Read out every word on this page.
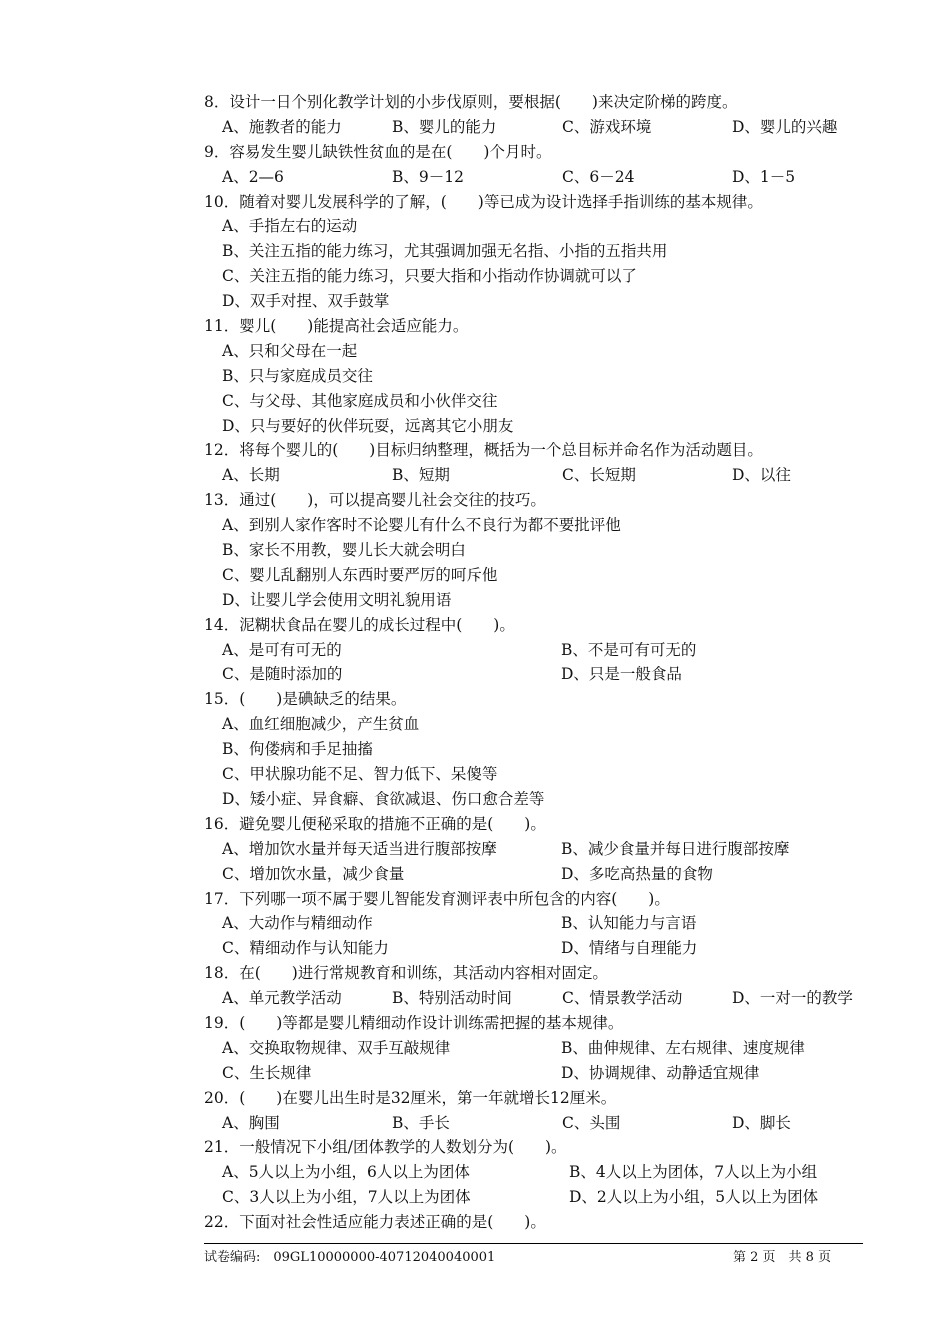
8．设计一日个别化教学计划的小步伐原则，要根据(　　)来决定阶梯的跨度。
A、施教者的能力	B、婴儿的能力	C、游戏环境	D、婴儿的兴趣
9．容易发生婴儿缺铁性贫血的是在(　　)个月时。
A、2—6	B、9－12	C、6－24	D、1－5
10．随着对婴儿发展科学的了解，(　　)等已成为设计选择手指训练的基本规律。
A、手指左右的运动
B、关注五指的能力练习，尤其强调加强无名指、小指的五指共用
C、关注五指的能力练习，只要大指和小指动作协调就可以了
D、双手对捏、双手鼓掌
11．婴儿(　　)能提高社会适应能力。
A、只和父母在一起
B、只与家庭成员交往
C、与父母、其他家庭成员和小伙伴交往
D、只与要好的伙伴玩耍，远离其它小朋友
12．将每个婴儿的(　　)目标归纳整理，概括为一个总目标并命名作为活动题目。
A、长期	B、短期	C、长短期	D、以往
13．通过(　　)，可以提高婴儿社会交往的技巧。
A、到别人家作客时不论婴儿有什么不良行为都不要批评他
B、家长不用教，婴儿长大就会明白
C、婴儿乱翻别人东西时要严厉的呵斥他
D、让婴儿学会使用文明礼貌用语
14．泥糊状食品在婴儿的成长过程中(　　)。
A、是可有可无的	B、不是可有可无的
C、是随时添加的	D、只是一般食品
15．(　　)是碘缺乏的结果。
A、血红细胞减少，产生贫血
B、佝偻病和手足抽搐
C、甲状腺功能不足、智力低下、呆傻等
D、矮小症、异食癖、食欲减退、伤口愈合差等
16．避免婴儿便秘采取的措施不正确的是(　　)。
A、增加饮水量并每天适当进行腹部按摩	B、减少食量并每日进行腹部按摩
C、增加饮水量，减少食量	D、多吃高热量的食物
17．下列哪一项不属于婴儿智能发育测评表中所包含的内容(　　)。
A、大动作与精细动作	B、认知能力与言语
C、精细动作与认知能力	D、情绪与自理能力
18．在(　　)进行常规教育和训练，其活动内容相对固定。
A、单元教学活动	B、特别活动时间	C、情景教学活动	D、一对一的教学
19．(　　)等都是婴儿精细动作设计训练需把握的基本规律。
A、交换取物规律、双手互敲规律	B、曲伸规律、左右规律、速度规律
C、生长规律	D、协调规律、动静适宜规律
20．(　　)在婴儿出生时是32厘米，第一年就增长12厘米。
A、胸围	B、手长	C、头围	D、脚长
21．一般情况下小组/团体教学的人数划分为(　　)。
A、5人以上为小组，6人以上为团体	B、4人以上为团体，7人以上为小组
C、3人以上为小组，7人以上为团体	D、2人以上为小组，5人以上为团体
22．下面对社会性适应能力表述正确的是(　　)。
试卷编码:　09GL10000000-40712040040001	第 2 页　共 8 页
